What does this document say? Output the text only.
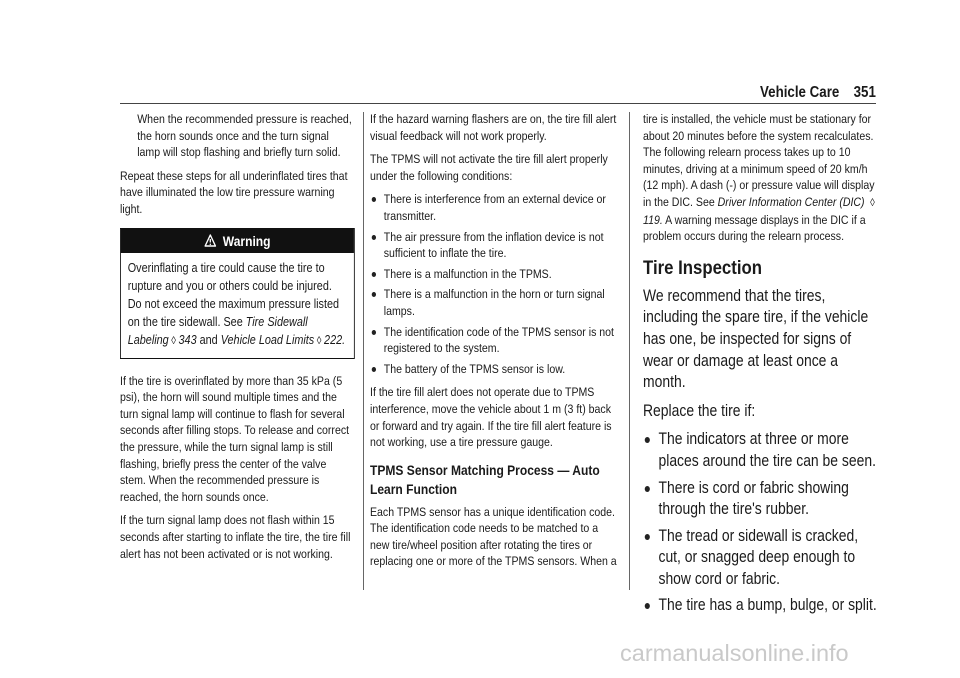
Vehicle Care 351

When the recommended pressure is reached, the horn sounds once and the turn signal lamp will stop flashing and briefly turn solid.

Repeat these steps for all underinflated tires that have illuminated the low tire pressure warning light.

Warning

Overinflating a tire could cause the tire to rupture and you or others could be injured. Do not exceed the maximum pressure listed on the tire sidewall. See Tire Sidewall Labeling ◊ 343 and Vehicle Load Limits ◊ 222.

If the tire is overinflated by more than 35 kPa (5 psi), the horn will sound multiple times and the turn signal lamp will continue to flash for several seconds after filling stops. To release and correct the pressure, while the turn signal lamp is still flashing, briefly press the center of the valve stem. When the recommended pressure is reached, the horn sounds once.

If the turn signal lamp does not flash within 15 seconds after starting to inflate the tire, the tire fill alert has not been activated or is not working.

If the hazard warning flashers are on, the tire fill alert visual feedback will not work properly.

The TPMS will not activate the tire fill alert properly under the following conditions:

There is interference from an external device or transmitter.
The air pressure from the inflation device is not sufficient to inflate the tire.
There is a malfunction in the TPMS.
There is a malfunction in the horn or turn signal lamps.
The identification code of the TPMS sensor is not registered to the system.
The battery of the TPMS sensor is low.

If the tire fill alert does not operate due to TPMS interference, move the vehicle about 1 m (3 ft) back or forward and try again. If the tire fill alert feature is not working, use a tire pressure gauge.

TPMS Sensor Matching Process — Auto Learn Function

Each TPMS sensor has a unique identification code. The identification code needs to be matched to a new tire/wheel position after rotating the tires or replacing one or more of the TPMS sensors. When a

tire is installed, the vehicle must be stationary for about 20 minutes before the system recalculates. The following relearn process takes up to 10 minutes, driving at a minimum speed of 20 km/h (12 mph). A dash (-) or pressure value will display in the DIC. See Driver Information Center (DIC) ◊119. A warning message displays in the DIC if a problem occurs during the relearn process.

Tire Inspection

We recommend that the tires, including the spare tire, if the vehicle has one, be inspected for signs of wear or damage at least once a month.

Replace the tire if:

The indicators at three or more places around the tire can be seen.
There is cord or fabric showing through the tire's rubber.
The tread or sidewall is cracked, cut, or snagged deep enough to show cord or fabric.
The tire has a bump, bulge, or split.
carmanualsonline.info
